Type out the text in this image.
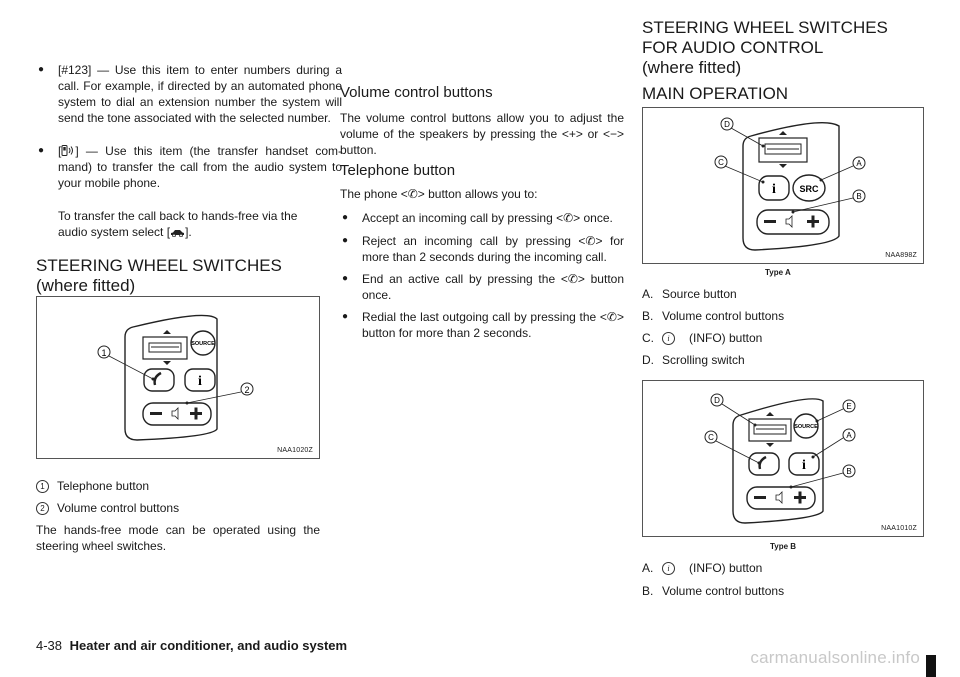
● [#123] — Use this item to enter numbers during a call. For example, if directed by an automated phone system to dial an extension number the system will send the tone associated with the selected number.
● [ ] — Use this item (the transfer handset com-mand) to transfer the call from the audio system to your mobile phone.
To transfer the call back to hands-free via the audio system select [ ].
STEERING WHEEL SWITCHES
(where fitted)
SOURCE
i
1
2
NAA1020Z
1 Telephone button
2 Volume control buttons
The hands-free mode can be operated using the steering wheel switches.
Volume control buttons
The volume control buttons allow you to adjust the volume of the speakers by pressing the <+> or <−> button.
Telephone button
The phone <✆> button allows you to:
● Accept an incoming call by pressing <✆> once.
● Reject an incoming call by pressing <✆> for more than 2 seconds during the incoming call.
● End an active call by pressing the <✆> button once.
● Redial the last outgoing call by pressing the <✆> button for more than 2 seconds.
STEERING WHEEL SWITCHES
FOR AUDIO CONTROL
(where fitted)
MAIN OPERATION
i	SRC
D
C	A
B
NAA898Z
Type A
A. Source button
B. Volume control buttons
C. i (INFO) button
D. Scrolling switch
SOURCE
i
D
E
C	A
B
NAA1010Z
Type B
A. i (INFO) button
B. Volume control buttons
4-38 Heater and air conditioner, and audio system
carmanualsonline.info
